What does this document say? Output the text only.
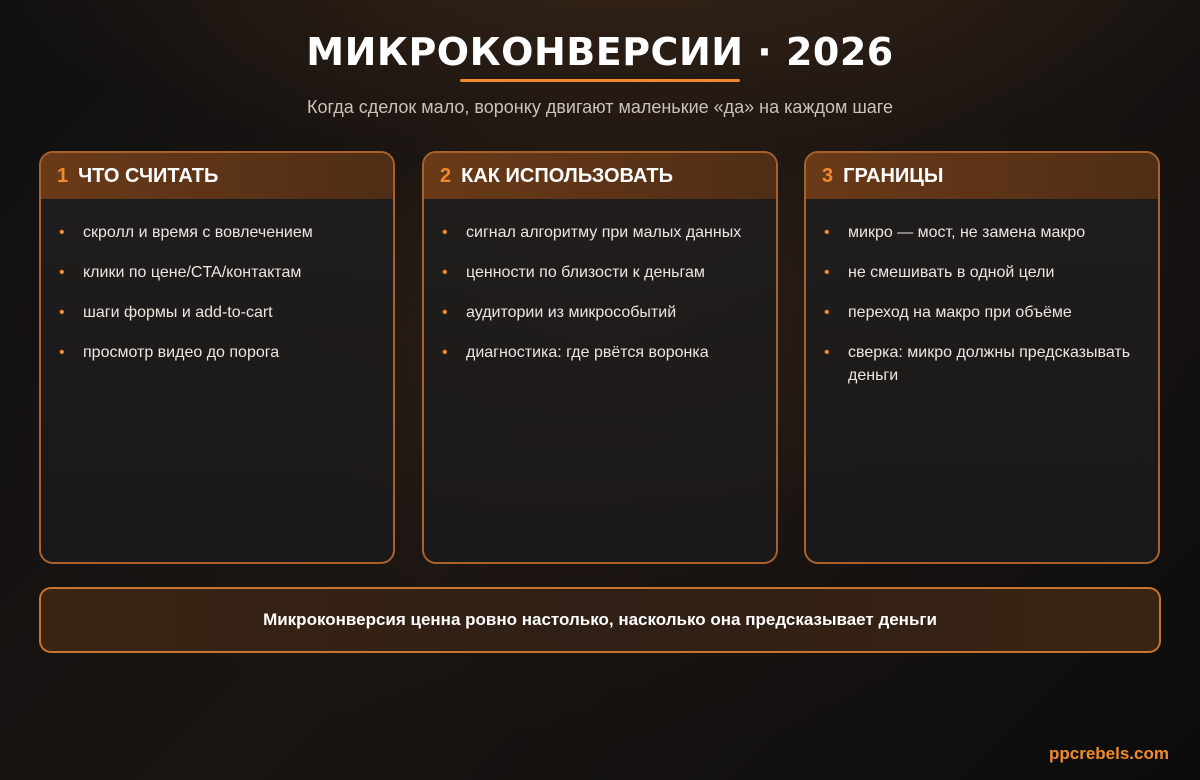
МИКРОКОНВЕРСИИ · 2026

Когда сделок мало, воронку двигают маленькие «да» на каждом шаге

1 ЧТО СЧИТАТЬ
• скролл и время с вовлечением
• клики по цене/CTA/контактам
• шаги формы и add-to-cart
• просмотр видео до порога
2 КАК ИСПОЛЬЗОВАТЬ
• сигнал алгоритму при малых данных
• ценности по близости к деньгам
• аудитории из микрособытий
• диагностика: где рвётся воронка
3 ГРАНИЦЫ
• микро — мост, не замена макро
• не смешивать в одной цели
• переход на макро при объёме
• сверка: микро должны предсказывать деньги

Микроконверсия ценна ровно настолько, насколько она предсказывает деньги

ppcrebels.com
